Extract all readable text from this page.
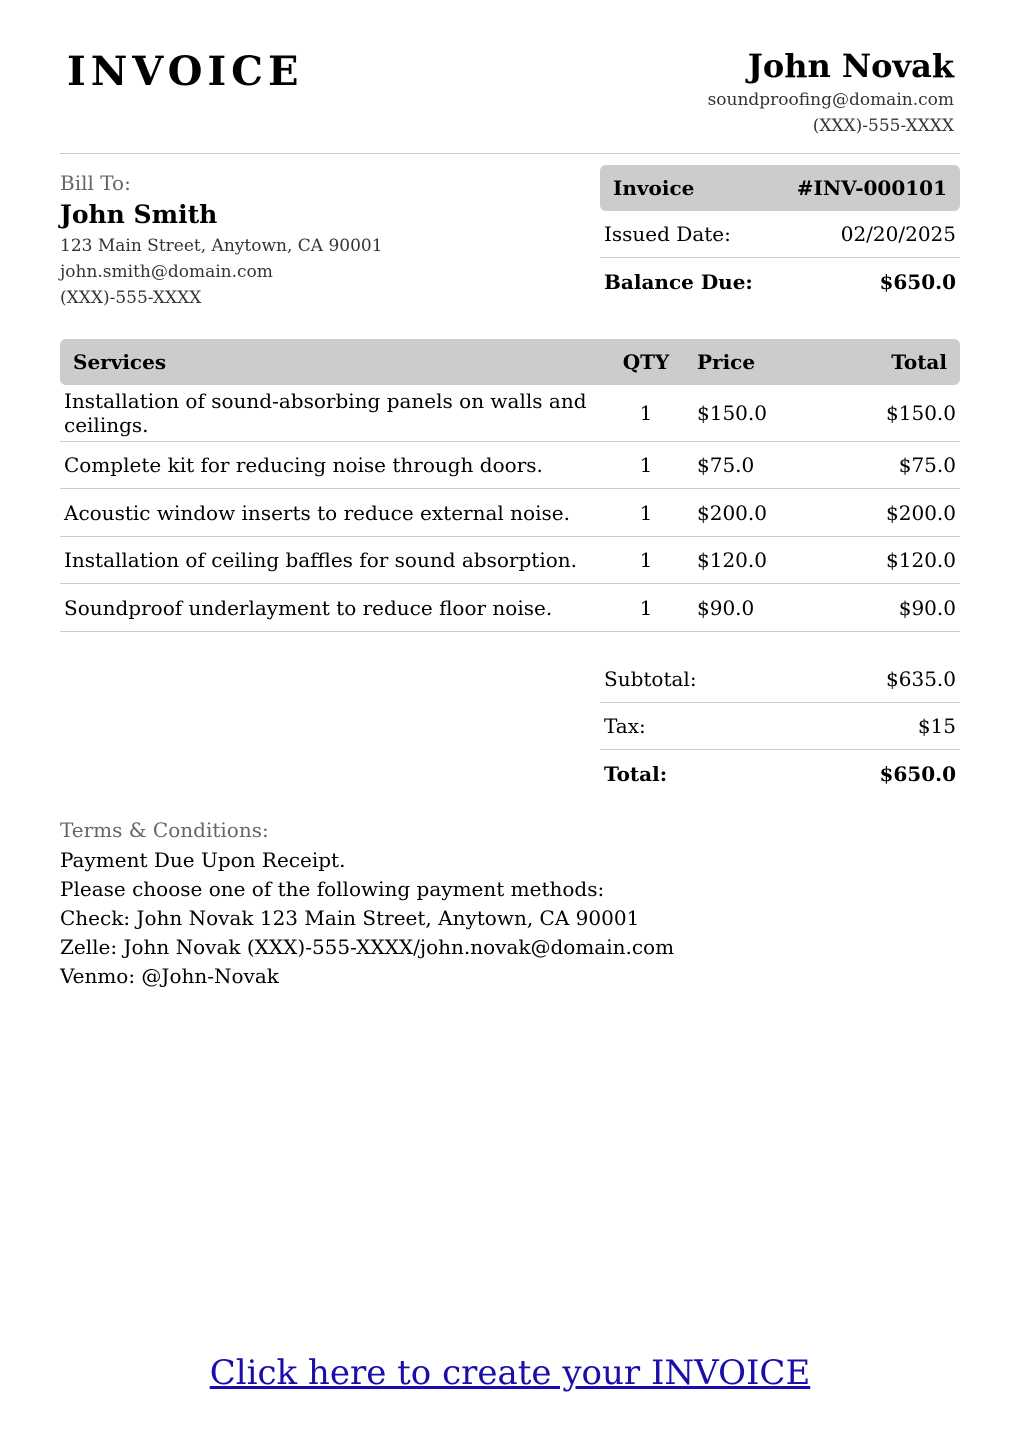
INVOICE	John Novak
soundproofing@domain.com
(XXX)-555-XXXX
Bill To:
John Smith
123 Main Street, Anytown, CA 90001
john.smith@domain.com
(XXX)-555-XXXX
Invoice	#INV-000101
Issued Date:	02/20/2025
Balance Due:	$650.0
Services	QTY	Price	Total
Installation of sound-absorbing panels on walls and ceilings.	1	$150.0	$150.0
Complete kit for reducing noise through doors.	1	$75.0	$75.0
Acoustic window inserts to reduce external noise.	1	$200.0	$200.0
Installation of ceiling baffles for sound absorption.	1	$120.0	$120.0
Soundproof underlayment to reduce floor noise.	1	$90.0	$90.0
Subtotal:	$635.0
Tax:	$15
Total:	$650.0
Terms & Conditions:
Payment Due Upon Receipt.
Please choose one of the following payment methods:
Check: John Novak 123 Main Street, Anytown, CA 90001
Zelle: John Novak (XXX)-555-XXXX/john.novak@domain.com
Venmo: @John-Novak
Click here to create your INVOICE
